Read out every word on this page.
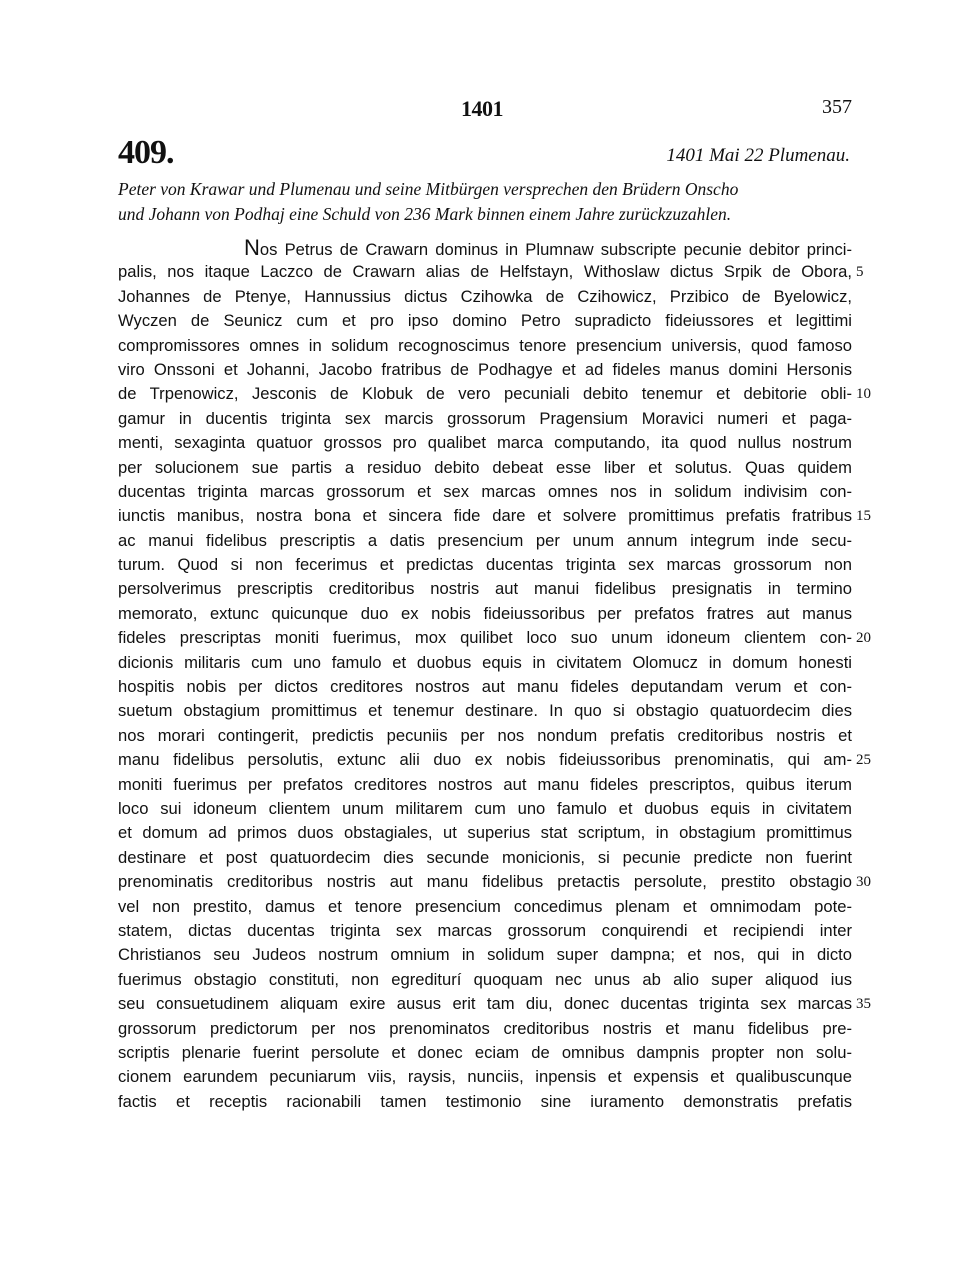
1401	357
409.	1401 Mai 22 Plumenau.
Peter von Krawar und Plumenau und seine Mitbürgen versprechen den Brüdern Onscho
und Johann von Podhaj eine Schuld von 236 Mark binnen einem Jahre zurückzuzahlen.
Nos Petrus de Crawarn dominus in Plumnaw subscripte pecunie debitor princi-
palis, nos itaque Laczco de Crawarn alias de Helfstayn, Withoslaw dictus Srpik de Obora,
Johannes de Ptenye, Hannussius dictus Czihowka de Czihowicz, Przibico de Byelowicz,
Wyczen de Seunicz cum et pro ipso domino Petro supradicto fideiussores et legittimi
compromissores omnes in solidum recognoscimus tenore presencium universis, quod famoso
viro Onssoni et Johanni, Jacobo fratribus de Podhagye et ad fideles manus domini Hersonis
de Trpenowicz, Jesconis de Klobuk de vero pecuniali debito tenemur et debitorie obli-
gamur in ducentis triginta sex marcis grossorum Pragensium Moravici numeri et paga-
menti, sexaginta quatuor grossos pro qualibet marca computando, ita quod nullus nostrum
per solucionem sue partis a residuo debito debeat esse liber et solutus. Quas quidem
ducentas triginta marcas grossorum et sex marcas omnes nos in solidum indivisim con-
iunctis manibus, nostra bona et sincera fide dare et solvere promittimus prefatis fratribus
ac manui fidelibus prescriptis a datis presencium per unum annum integrum inde secu-
turum. Quod si non fecerimus et predictas ducentas triginta sex marcas grossorum non
persolverimus prescriptis creditoribus nostris aut manui fidelibus presignatis in termino
memorato, extunc quicunque duo ex nobis fideiussoribus per prefatos fratres aut manus
fideles prescriptas moniti fuerimus, mox quilibet loco suo unum idoneum clientem con-
dicionis militaris cum uno famulo et duobus equis in civitatem Olomucz in domum honesti
hospitis nobis per dictos creditores nostros aut manu fideles deputandam verum et con-
suetum obstagium promittimus et tenemur destinare. In quo si obstagio quatuordecim dies
nos morari contingerit, predictis pecuniis per nos nondum prefatis creditoribus nostris et
manu fidelibus persolutis, extunc alii duo ex nobis fideiussoribus prenominatis, qui am-
moniti fuerimus per prefatos creditores nostros aut manu fideles prescriptos, quibus iterum
loco sui idoneum clientem unum militarem cum uno famulo et duobus equis in civitatem
et domum ad primos duos obstagiales, ut superius stat scriptum, in obstagium promittimus
destinare et post quatuordecim dies secunde monicionis, si pecunie predicte non fuerint
prenominatis creditoribus nostris aut manu fidelibus pretactis persolute, prestito obstagio
vel non prestito, damus et tenore presencium concedimus plenam et omnimodam pote-
statem, dictas ducentas triginta sex marcas grossorum conquirendi et recipiendi inter
Christianos seu Judeos nostrum omnium in solidum super dampna; et nos, qui in dicto
fuerimus obstagio constituti, non egrediturí quoquam nec unus ab alio super aliquod ius
seu consuetudinem aliquam exire ausus erit tam diu, donec ducentas triginta sex marcas
grossorum predictorum per nos prenominatos creditoribus nostris et manu fidelibus pre-
scriptis plenarie fuerint persolute et donec eciam de omnibus dampnis propter non solu-
cionem earundem pecuniarum viis, raysis, nunciis, inpensis et expensis et qualibuscunque
factis et receptis racionabili tamen testimonio sine iuramento demonstratis prefatis
5
10
15
20
25
30
35
